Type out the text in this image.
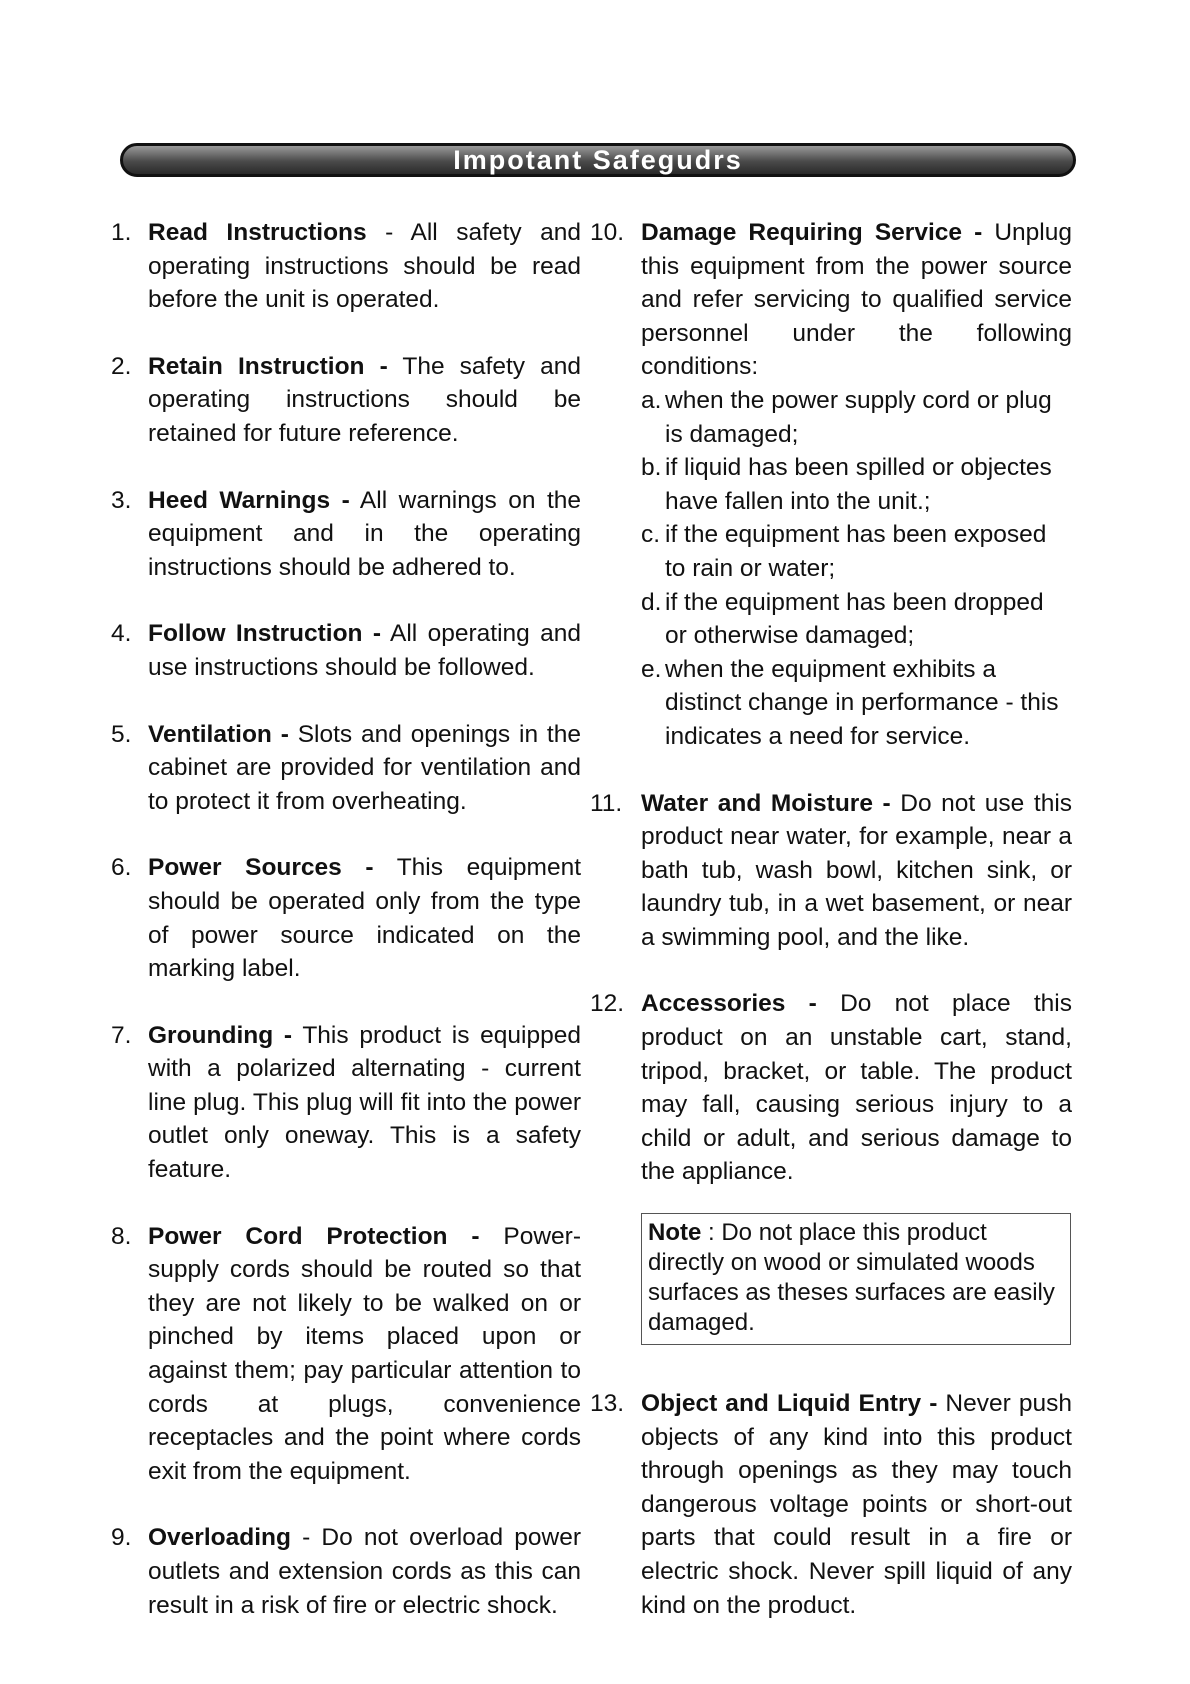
Impotant Safegudrs
1. Read Instructions - All safety and operating instructions should be read before the unit is operated.

2. Retain Instruction - The safety and operating instructions should be retained for future reference.

3. Heed Warnings - All warnings on the equipment and in the operating instructions should be adhered to.

4. Follow Instruction - All operating and use instructions should be followed.

5. Ventilation - Slots and openings in the cabinet are provided for ventilation and to protect it from overheating.

6. Power Sources - This equipment should be operated only from the type of power source indicated on the marking label.

7. Grounding - This product is equipped with a polarized alternating - current line plug. This plug will fit into the power outlet only oneway. This is a safety feature.

8. Power Cord Protection - Power- supply cords should be routed so that they are not likely to be walked on or pinched by items placed upon or against them; pay particular attention to cords at plugs, convenience receptacles and the point where cords exit from the equipment.

9. Overloading - Do not overload power outlets and extension cords as this can result in a risk of fire or electric shock.

10. Damage Requiring Service - Unplug this equipment from the power source and refer servicing to qualified service personnel under the following conditions:

a. when the power supply cord or plug is damaged;
b. if liquid has been spilled or objectes have fallen into the unit.;
c. if the equipment has been exposed to rain or water;
d. if the equipment has been dropped or otherwise damaged;
e. when the equipment exhibits a distinct change in performance - this indicates a need for service.
11. Water and Moisture - Do not use this product near water, for example, near a bath tub, wash bowl, kitchen sink, or laundry tub, in a wet basement, or near a swimming pool, and the like.

12. Accessories - Do not place this product on an unstable cart, stand, tripod, bracket, or table. The product may fall, causing serious injury to a child or adult, and serious damage to the appliance.

Note : Do not place this product directly on wood or simulated woods surfaces as theses surfaces are easily damaged.
13. Object and Liquid Entry - Never push objects of any kind into this product through openings as they may touch dangerous voltage points or short-out parts that could result in a fire or electric shock. Never spill liquid of any kind on the product.
